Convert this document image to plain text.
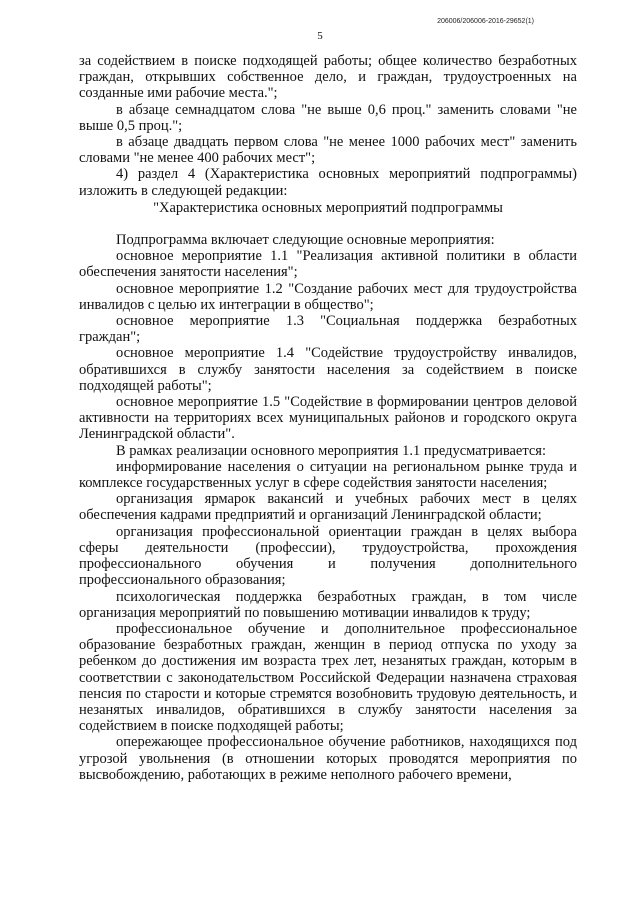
206006/206006-2016-29652(1)
5

за содействием в поиске подходящей работы; общее количество безработных граждан, открывших собственное дело, и граждан, трудоустроенных на созданные ими рабочие места.";

в абзаце семнадцатом слова "не выше 0,6 проц." заменить словами "не выше 0,5 проц.";

в абзаце двадцать первом слова "не менее 1000 рабочих мест" заменить словами "не менее 400 рабочих мест";

4) раздел 4 (Характеристика основных мероприятий подпрограммы) изложить в следующей редакции:

"Характеристика основных мероприятий подпрограммы

Подпрограмма включает следующие основные мероприятия:

основное мероприятие 1.1 "Реализация активной политики в области обеспечения занятости населения";

основное мероприятие 1.2 "Создание рабочих мест для трудоустройства инвалидов с целью их интеграции в общество";

основное мероприятие 1.3 "Социальная поддержка безработных граждан";

основное мероприятие 1.4 "Содействие трудоустройству инвалидов, обратившихся в службу занятости населения за содействием в поиске подходящей работы";

основное мероприятие 1.5 "Содействие в формировании центров деловой активности на территориях всех муниципальных районов и городского округа Ленинградской области".

В рамках реализации основного мероприятия 1.1 предусматривается:

информирование населения о ситуации на региональном рынке труда и комплексе государственных услуг в сфере содействия занятости населения;

организация ярмарок вакансий и учебных рабочих мест в целях обеспечения кадрами предприятий и организаций Ленинградской области;

организация профессиональной ориентации граждан в целях выбора сферы деятельности (профессии), трудоустройства, прохождения профессионального обучения и получения дополнительного профессионального образования;

психологическая поддержка безработных граждан, в том числе организация мероприятий по повышению мотивации инвалидов к труду;

профессиональное обучение и дополнительное профессиональное образование безработных граждан, женщин в период отпуска по уходу за ребенком до достижения им возраста трех лет, незанятых граждан, которым в соответствии с законодательством Российской Федерации назначена страховая пенсия по старости и которые стремятся возобновить трудовую деятельность, и незанятых инвалидов, обратившихся в службу занятости населения за содействием в поиске подходящей работы;

опережающее профессиональное обучение работников, находящихся под угрозой увольнения (в отношении которых проводятся мероприятия по высвобождению, работающих в режиме неполного рабочего времени,
